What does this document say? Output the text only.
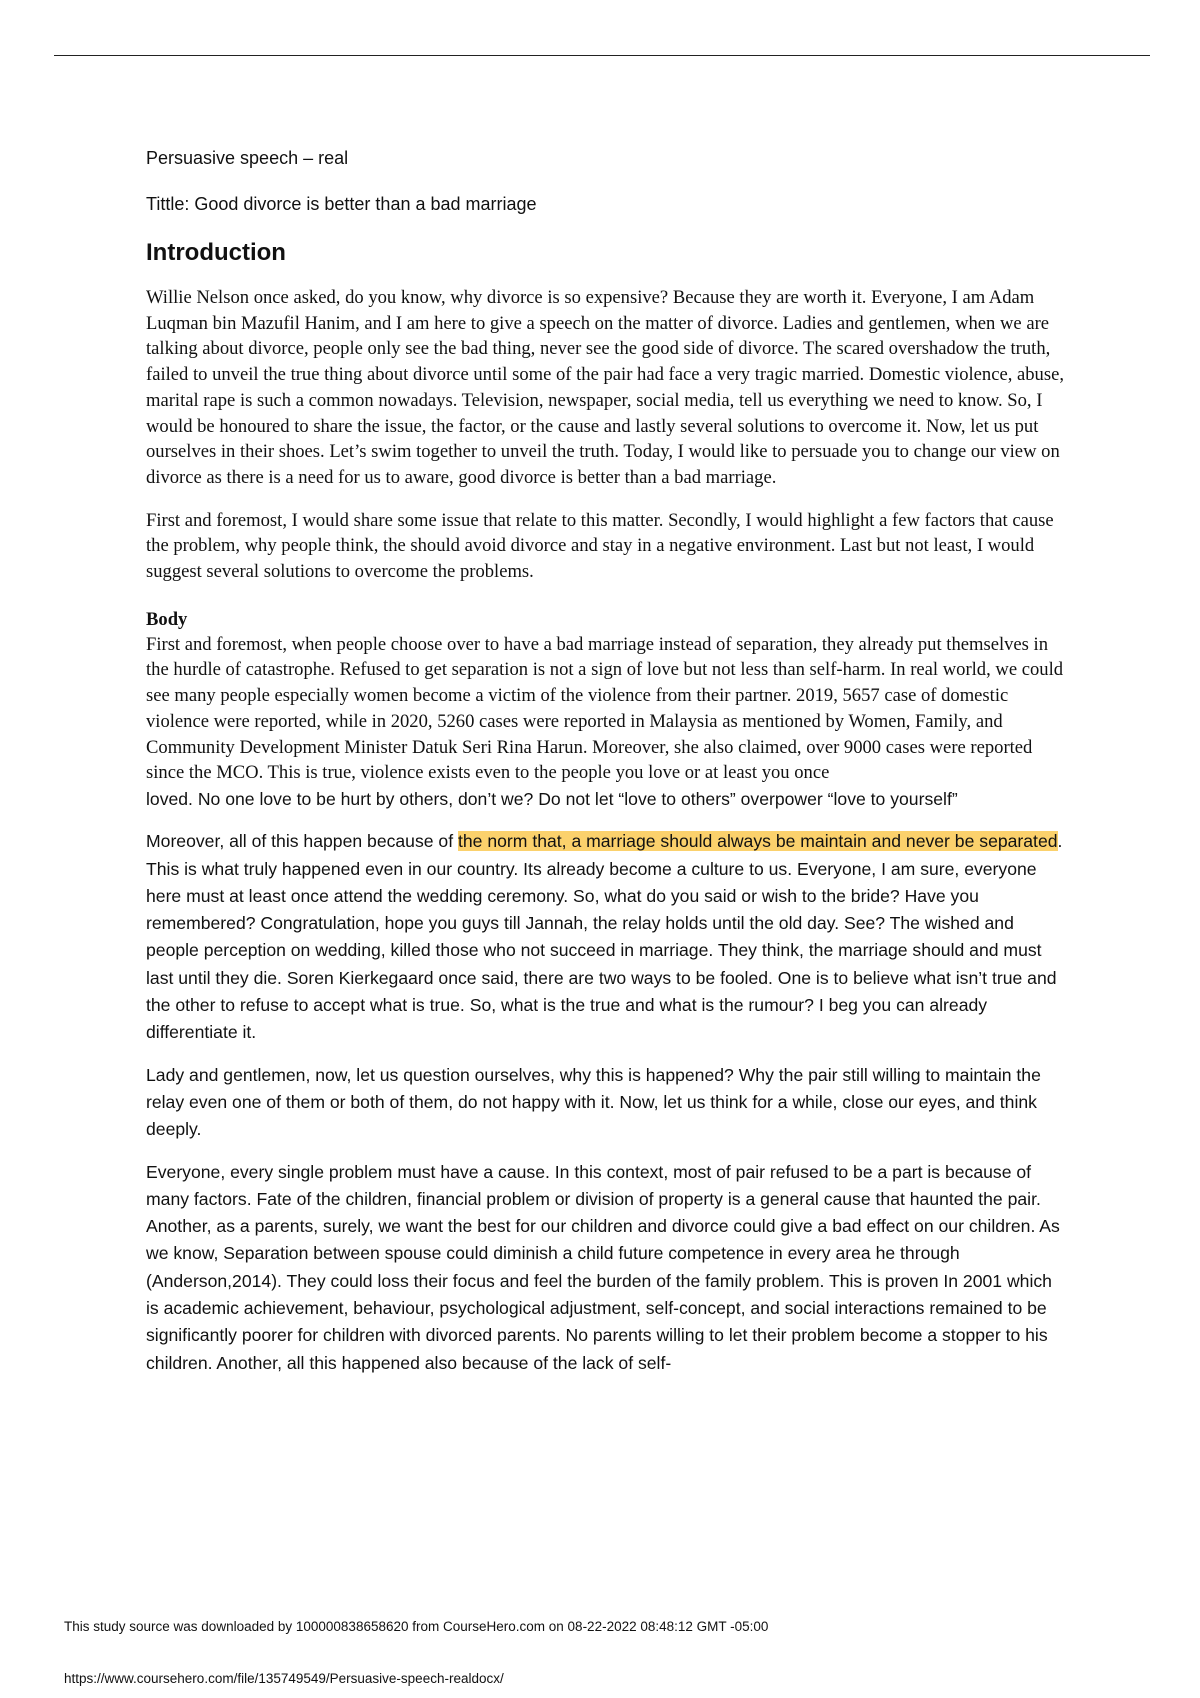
Persuasive speech – real

Tittle: Good divorce is better than a bad marriage

Introduction

Willie Nelson once asked, do you know, why divorce is so expensive? Because they are worth it. Everyone, I am Adam Luqman bin Mazufil Hanim, and I am here to give a speech on the matter of divorce. Ladies and gentlemen, when we are talking about divorce, people only see the bad thing, never see the good side of divorce. The scared overshadow the truth, failed to unveil the true thing about divorce until some of the pair had face a very tragic married. Domestic violence, abuse, marital rape is such a common nowadays. Television, newspaper, social media, tell us everything we need to know. So, I would be honoured to share the issue, the factor, or the cause and lastly several solutions to overcome it. Now, let us put ourselves in their shoes. Let’s swim together to unveil the truth. Today, I would like to persuade you to change our view on divorce as there is a need for us to aware, good divorce is better than a bad marriage.

First and foremost, I would share some issue that relate to this matter. Secondly, I would highlight a few factors that cause the problem, why people think, the should avoid divorce and stay in a negative environment. Last but not least, I would suggest several solutions to overcome the problems.

Body

First and foremost, when people choose over to have a bad marriage instead of separation, they already put themselves in the hurdle of catastrophe. Refused to get separation is not a sign of love but not less than self-harm. In real world, we could see many people especially women become a victim of the violence from their partner. 2019, 5657 case of domestic violence were reported, while in 2020, 5260 cases were reported in Malaysia as mentioned by Women, Family, and Community Development Minister Datuk Seri Rina Harun. Moreover, she also claimed, over 9000 cases were reported since the MCO. This is true, violence exists even to the people you love or at least you once

loved. No one love to be hurt by others, don’t we? Do not let “love to others” overpower “love to yourself”

Moreover, all of this happen because of the norm that, a marriage should always be maintain and never be separated. This is what truly happened even in our country. Its already become a culture to us. Everyone, I am sure, everyone here must at least once attend the wedding ceremony. So, what do you said or wish to the bride? Have you remembered? Congratulation, hope you guys till Jannah, the relay holds until the old day. See? The wished and people perception on wedding, killed those who not succeed in marriage. They think, the marriage should and must last until they die. Soren Kierkegaard once said, there are two ways to be fooled. One is to believe what isn’t true and the other to refuse to accept what is true. So, what is the true and what is the rumour? I beg you can already differentiate it.

Lady and gentlemen, now, let us question ourselves, why this is happened? Why the pair still willing to maintain the relay even one of them or both of them, do not happy with it. Now, let us think for a while, close our eyes, and think deeply.

Everyone, every single problem must have a cause. In this context, most of pair refused to be a part is because of many factors. Fate of the children, financial problem or division of property is a general cause that haunted the pair. Another, as a parents, surely, we want the best for our children and divorce could give a bad effect on our children. As we know, Separation between spouse could diminish a child future competence in every area he through (Anderson,2014). They could loss their focus and feel the burden of the family problem. This is proven In 2001 which is academic achievement, behaviour, psychological adjustment, self-concept, and social interactions remained to be significantly poorer for children with divorced parents. No parents willing to let their problem become a stopper to his children. Another, all this happened also because of the lack of self-

This study source was downloaded by 100000838658620 from CourseHero.com on 08-22-2022 08:48:12 GMT -05:00
https://www.coursehero.com/file/135749549/Persuasive-speech-realdocx/
